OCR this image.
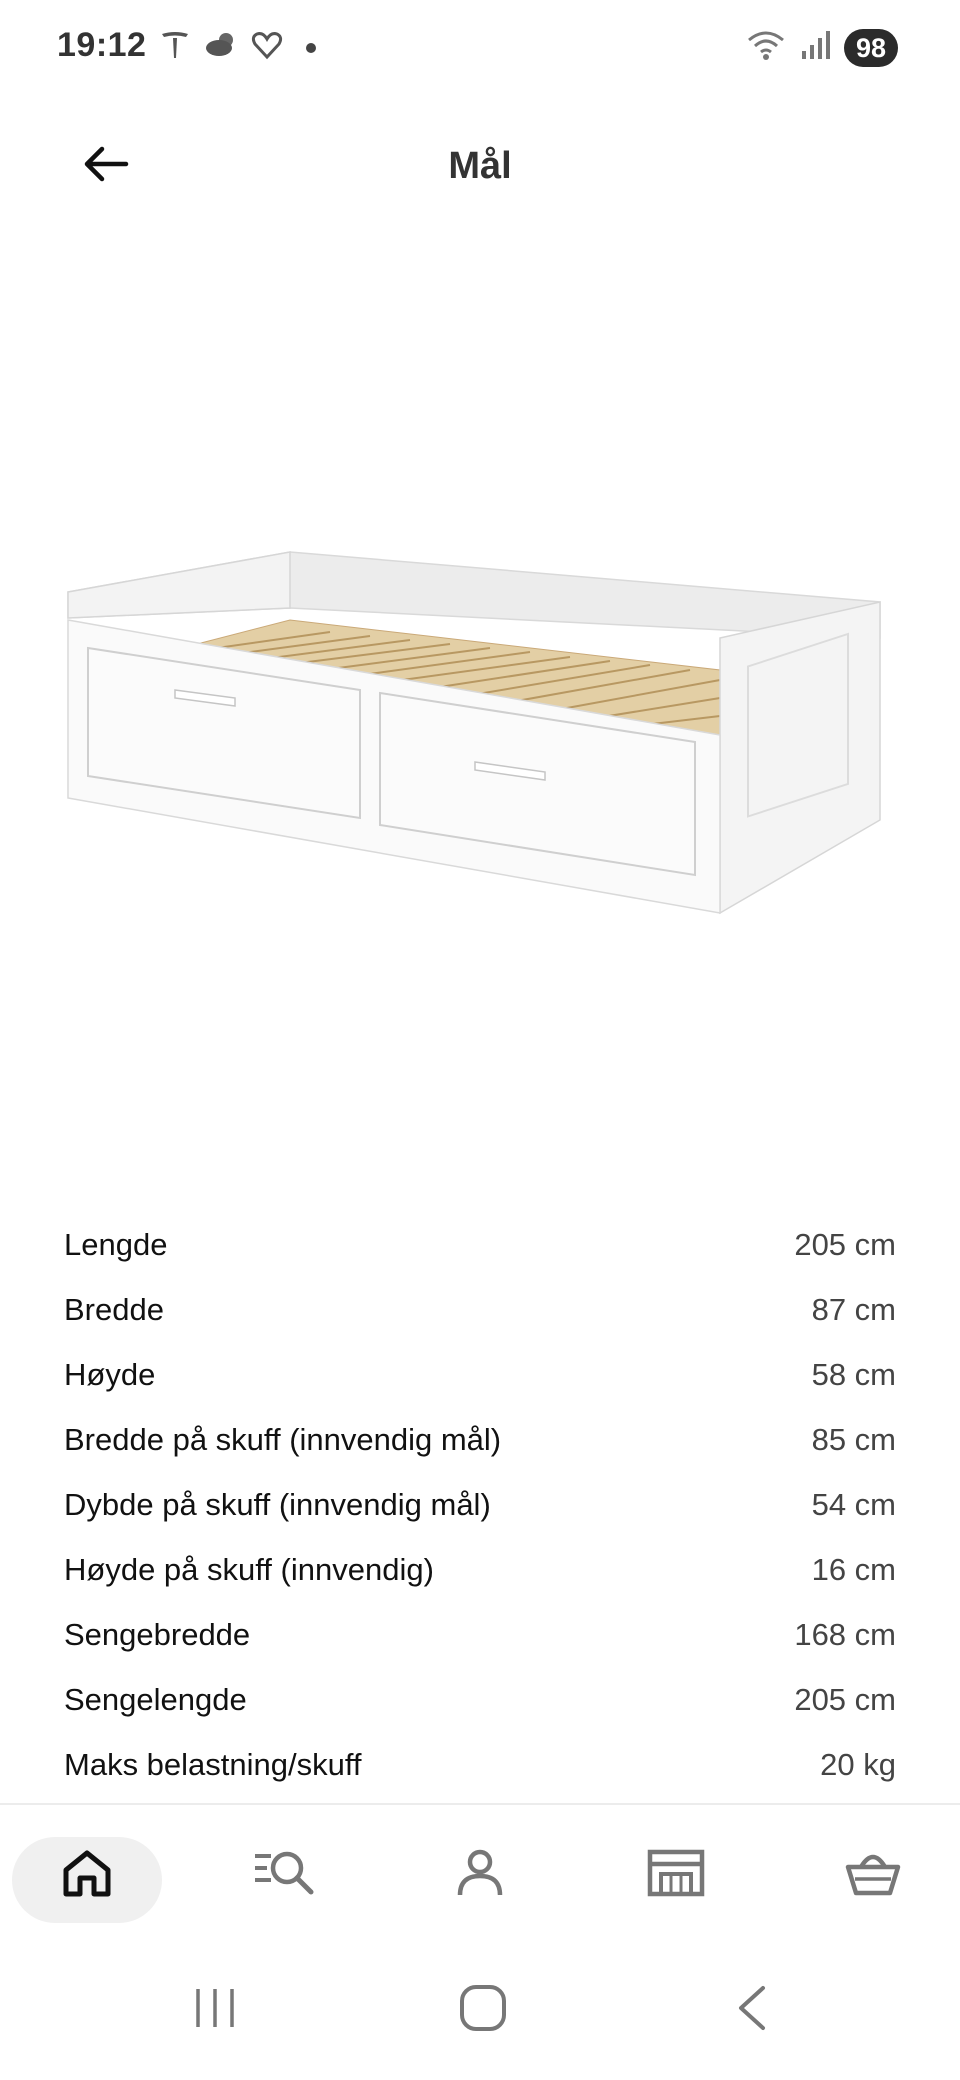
19:12	98
Mål
Lengde	205 cm
Bredde	87 cm
Høyde	58 cm
Bredde på skuff (innvendig mål)	85 cm
Dybde på skuff (innvendig mål)	54 cm
Høyde på skuff (innvendig)	16 cm
Sengebredde	168 cm
Sengelengde	205 cm
Maks belastning/skuff	20 kg
